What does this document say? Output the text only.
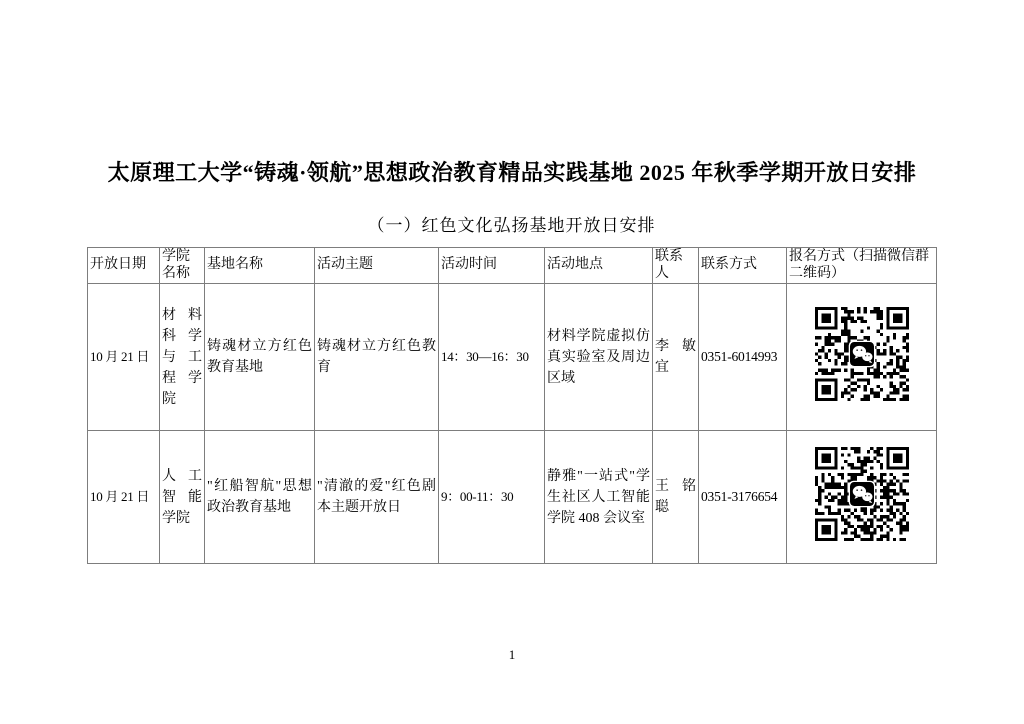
太原理工大学“铸魂·领航”思想政治教育精品实践基地 2025 年秋季学期开放日安排
（一）红色文化弘扬基地开放日安排
开放日期	学院名称	基地名称	活动主题	活动时间	活动地点	联系人	联系方式	报名方式（扫描微信群二维码）
10 月 21 日	材料科学与工程学院	铸魂材立方红色教育基地	铸魂材立方红色教育	14：30—16：30	材料学院虚拟仿真实验室及周边区域	李敏宜	0351-6014993	
10 月 21 日	人工智能学院	"红船智航"思想政治教育基地	"清澈的爱"红色剧本主题开放日	9：00-11：30	静雅"一站式"学生社区人工智能学院 408 会议室	王铭聪	0351-3176654	
1
